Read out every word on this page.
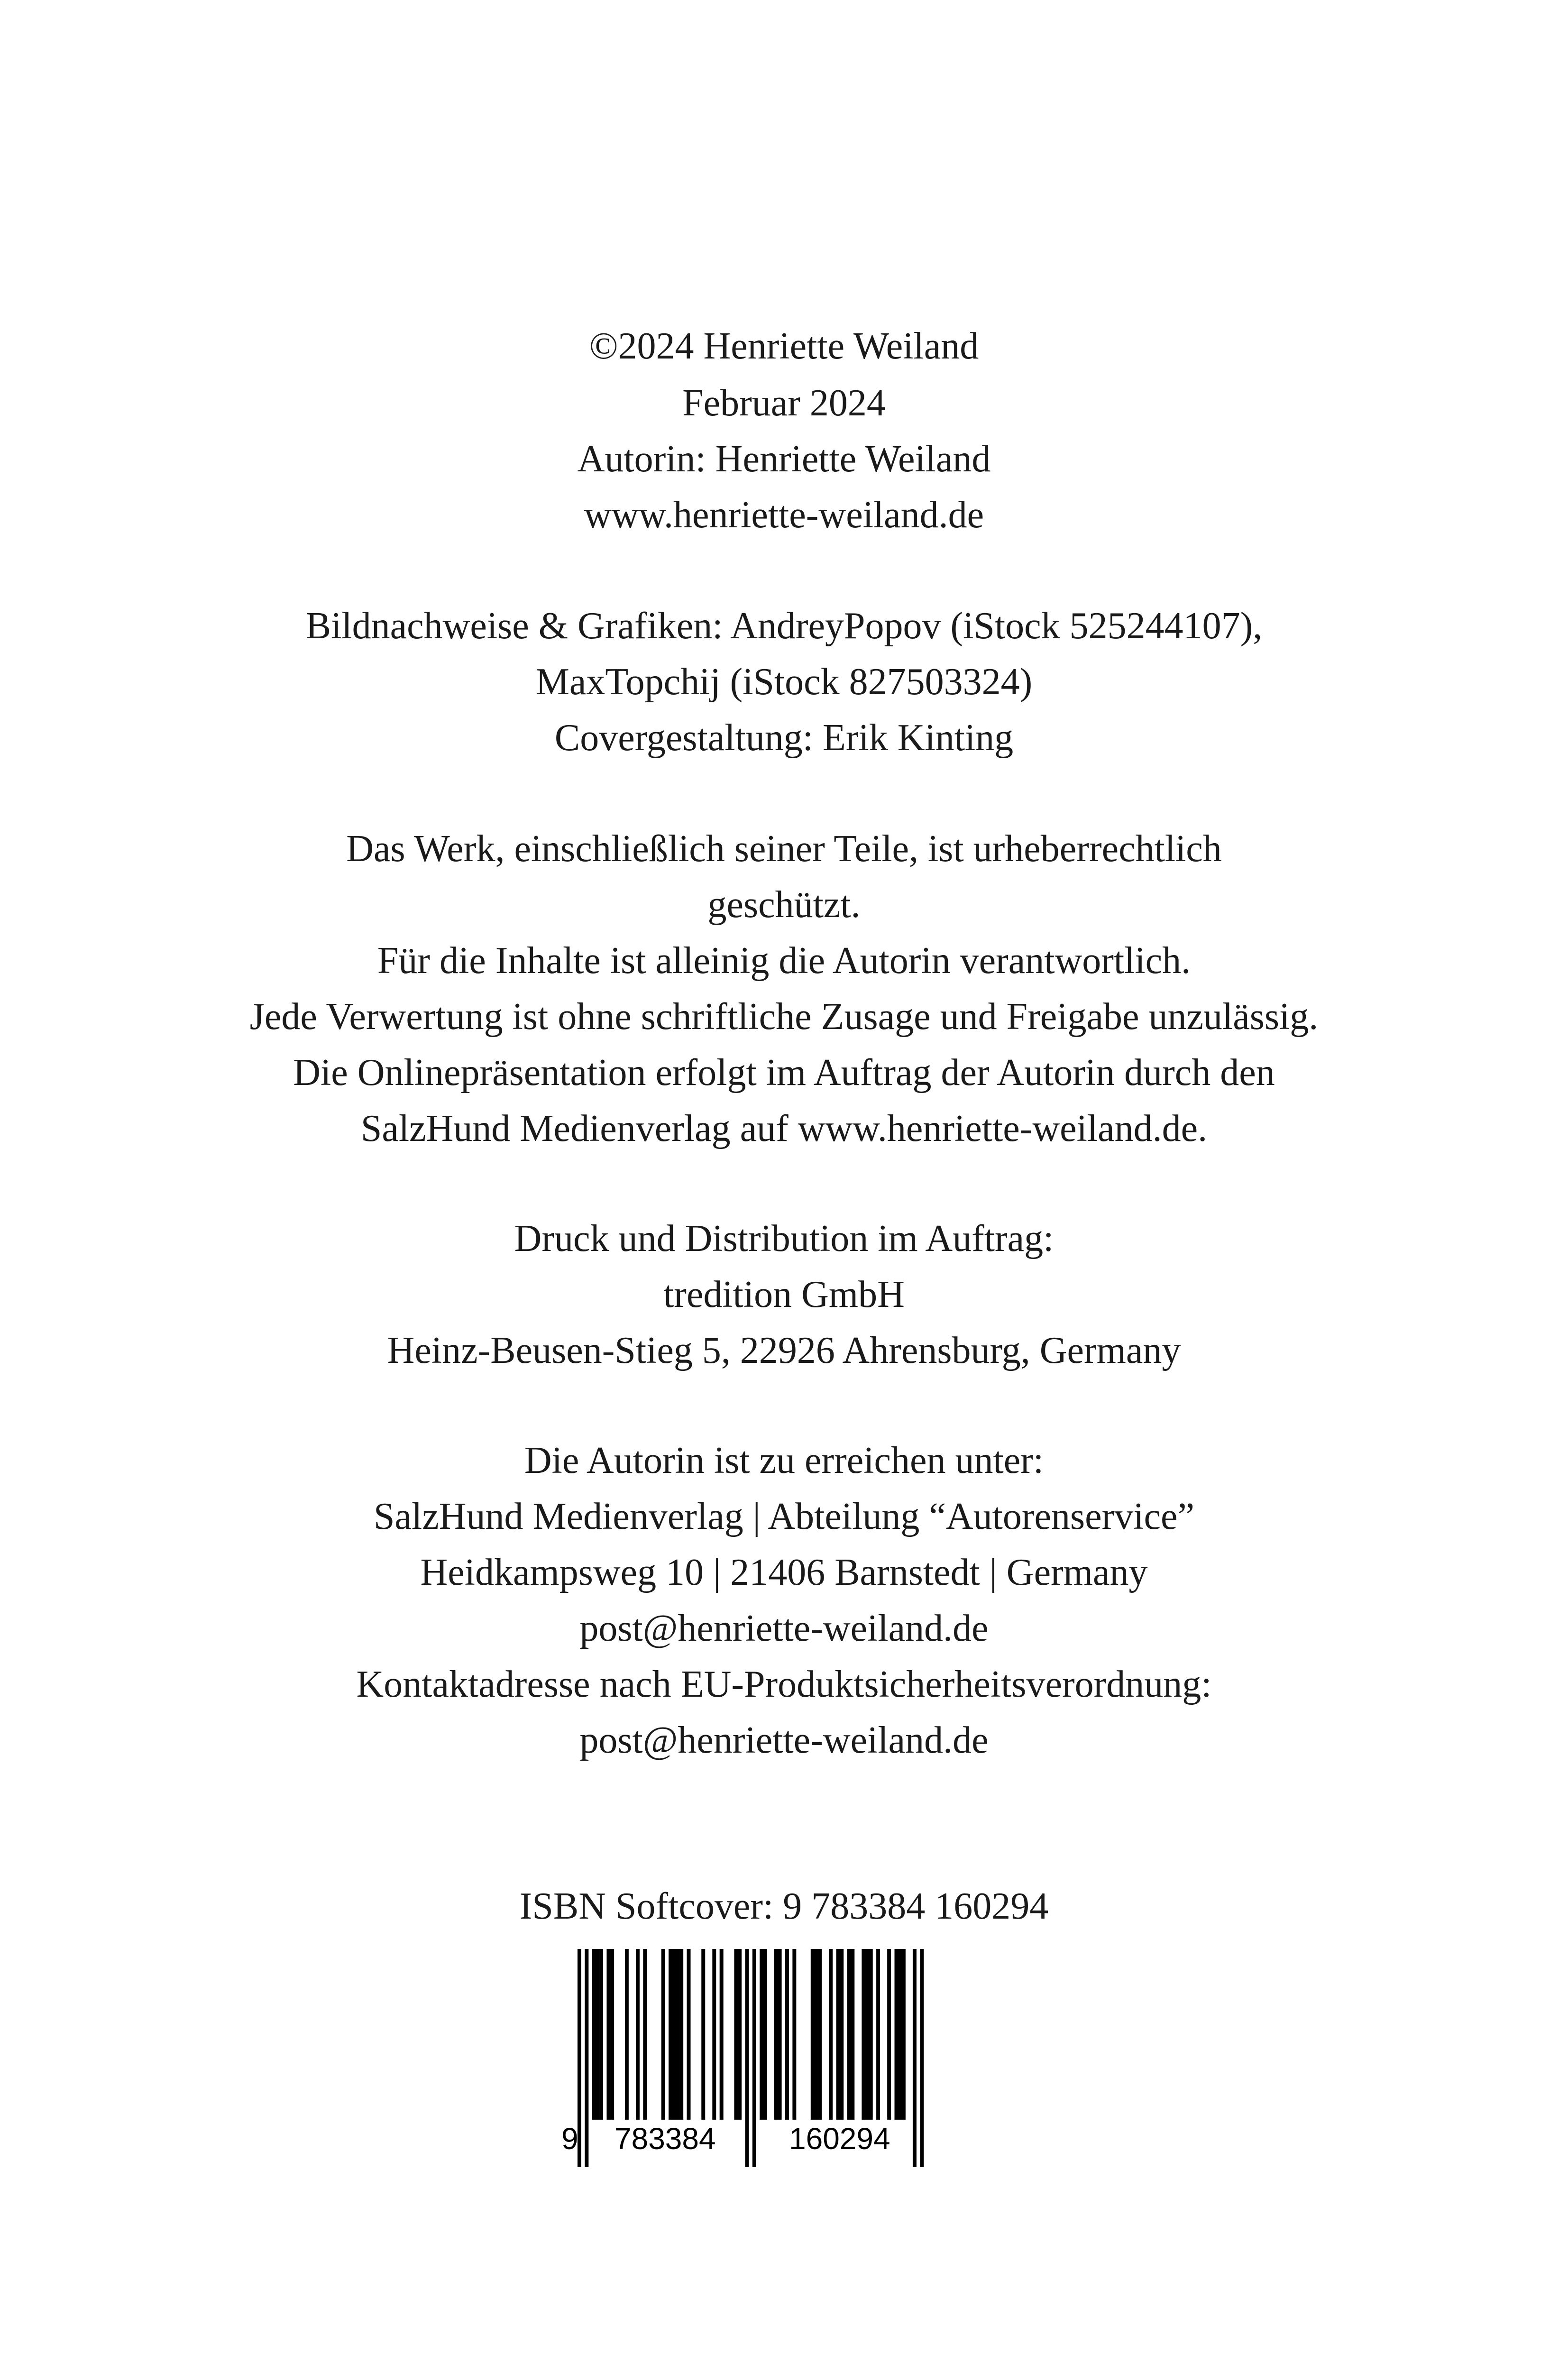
©2024 Henriette Weiland
Februar 2024
Autorin: Henriette Weiland
www.henriette-weiland.de
Bildnachweise & Grafiken: AndreyPopov (iStock 525244107),
MaxTopchij (iStock 827503324)
Covergestaltung: Erik Kinting
Das Werk, einschließlich seiner Teile, ist urheberrechtlich
geschützt.
Für die Inhalte ist alleinig die Autorin verantwortlich.
Jede Verwertung ist ohne schriftliche Zusage und Freigabe unzulässig.
Die Onlinepräsentation erfolgt im Auftrag der Autorin durch den
SalzHund Medienverlag auf www.henriette-weiland.de.
Druck und Distribution im Auftrag:
tredition GmbH
Heinz-Beusen-Stieg 5, 22926 Ahrensburg, Germany
Die Autorin ist zu erreichen unter:
SalzHund Medienverlag | Abteilung “Autorenservice”
Heidkampsweg 10 | 21406 Barnstedt | Germany
post@henriette-weiland.de
Kontaktadresse nach EU-Produktsicherheitsverordnung:
post@henriette-weiland.de
ISBN Softcover: 9 783384 160294
9 783384 160294
